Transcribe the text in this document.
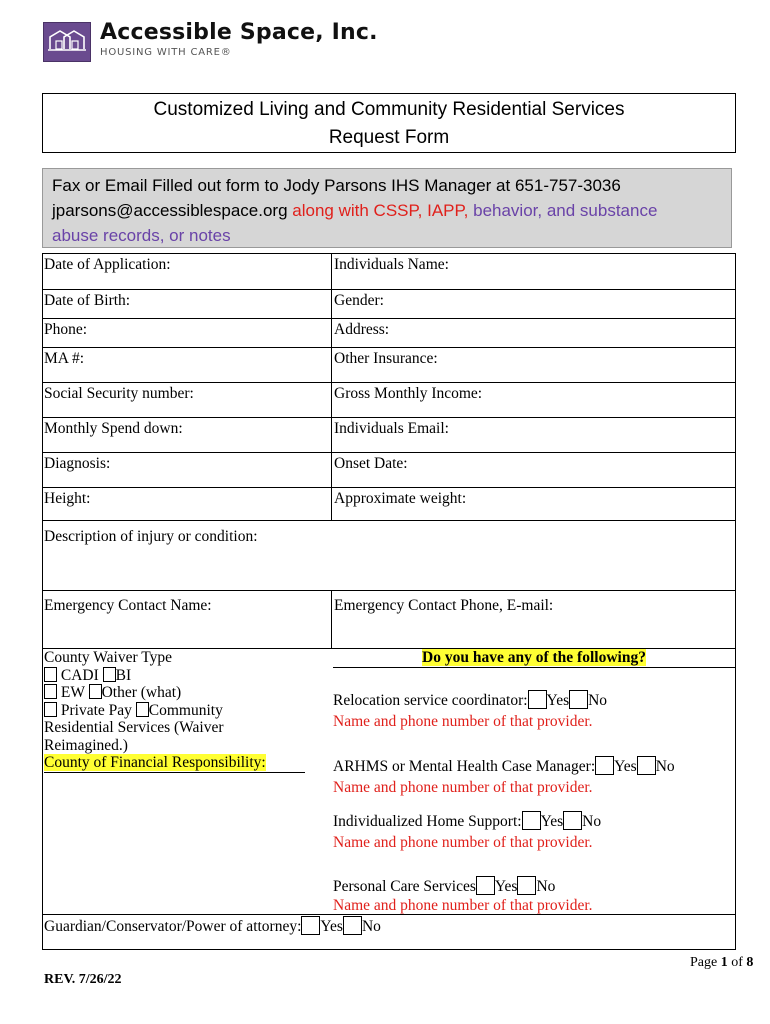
Accessible Space, Inc.
HOUSING WITH CARE®
Customized Living and Community Residential Services
Request Form
Fax or Email Filled out form to Jody Parsons IHS Manager at 651-757-3036
jparsons@accessiblespace.org along with CSSP, IAPP, behavior, and substance
abuse records, or notes
Date of Application:	Individuals Name:
Date of Birth:	Gender:
Phone:	Address:
MA #:	Other Insurance:
Social Security number:	Gross Monthly Income:
Monthly Spend down:	Individuals Email:
Diagnosis:	Onset Date:
Height:	Approximate weight:
Description of injury or condition:
Emergency Contact Name:	Emergency Contact Phone, E-mail:
County Waiver Type
CADI BI
EW Other (what)
Private Pay Community
Residential Services (Waiver
Reimagined.)
County of Financial Responsibility:
Do you have any of the following?
Relocation service coordinator: Yes No
Name and phone number of that provider.
ARHMS or Mental Health Case Manager: Yes No
Name and phone number of that provider.
Individualized Home Support: Yes No
Name and phone number of that provider.
Personal Care Services Yes No
Name and phone number of that provider.
Guardian/Conservator/Power of attorney: Yes No
Page 1 of 8
REV. 7/26/22
